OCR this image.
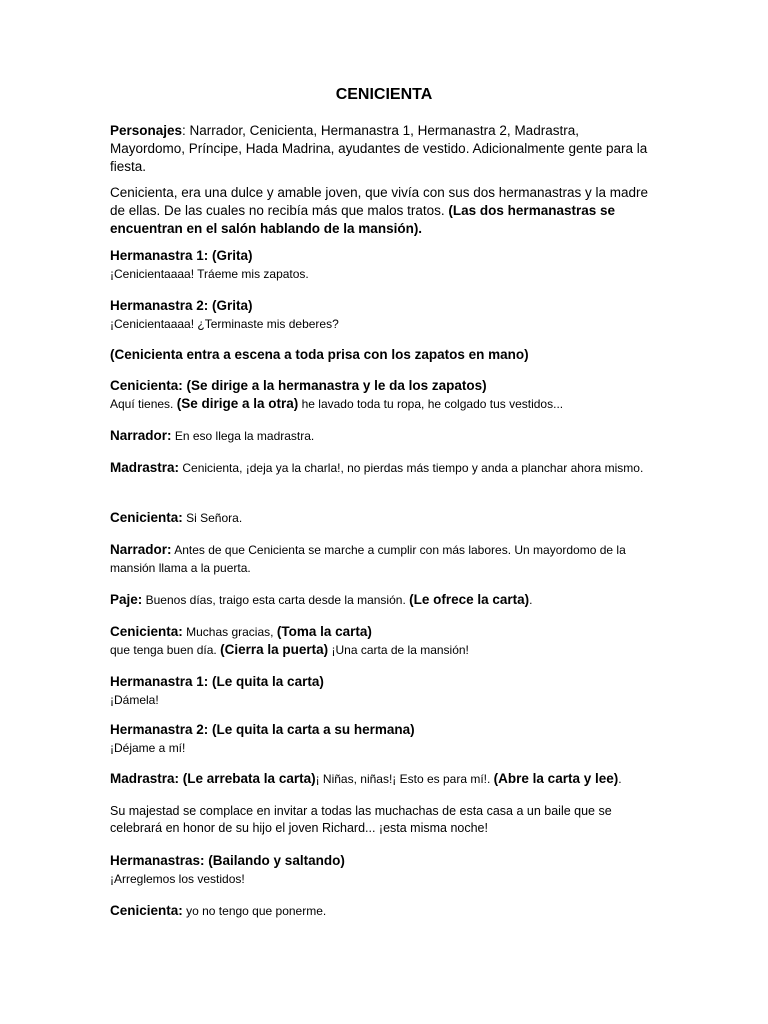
CENICIENTA
Personajes: Narrador, Cenicienta, Hermanastra 1, Hermanastra 2, Madrastra, Mayordomo, Príncipe, Hada Madrina, ayudantes de vestido. Adicionalmente gente para la fiesta.
Cenicienta, era una dulce y amable joven, que vivía con sus dos hermanastras y la madre de ellas. De las cuales no recibía más que malos tratos. (Las dos hermanastras se encuentran en el salón hablando de la mansión).
Hermanastra 1: (Grita)
¡Cenicientaaaa! Tráeme mis zapatos.
Hermanastra 2: (Grita)
¡Cenicientaaaa! ¿Terminaste mis deberes?
(Cenicienta entra a escena a toda prisa con los zapatos en mano)
Cenicienta: (Se dirige a la hermanastra y le da los zapatos)
Aquí tienes. (Se dirige a la otra) he lavado toda tu ropa, he colgado tus vestidos...
Narrador: En eso llega la madrastra.
Madrastra: Cenicienta, ¡deja ya la charla!, no pierdas más tiempo y anda a planchar ahora mismo.
Cenicienta: Si Señora.
Narrador: Antes de que Cenicienta se marche a cumplir con más labores. Un mayordomo de la mansión llama a la puerta.
Paje: Buenos días, traigo esta carta desde la mansión. (Le ofrece la carta).
Cenicienta: Muchas gracias, (Toma la carta)
que tenga buen día. (Cierra la puerta) ¡Una carta de la mansión!
Hermanastra 1: (Le quita la carta)
¡Dámela!
Hermanastra 2: (Le quita la carta a su hermana)
¡Déjame a mí!
Madrastra: (Le arrebata la carta)¡ Niñas, niñas!¡ Esto es para mí!. (Abre la carta y lee).
Su majestad se complace en invitar a todas las muchachas de esta casa a un baile que se celebrará en honor de su hijo el joven Richard... ¡esta misma noche!
Hermanastras: (Bailando y saltando)
¡Arreglemos los vestidos!
Cenicienta: yo no tengo que ponerme.
